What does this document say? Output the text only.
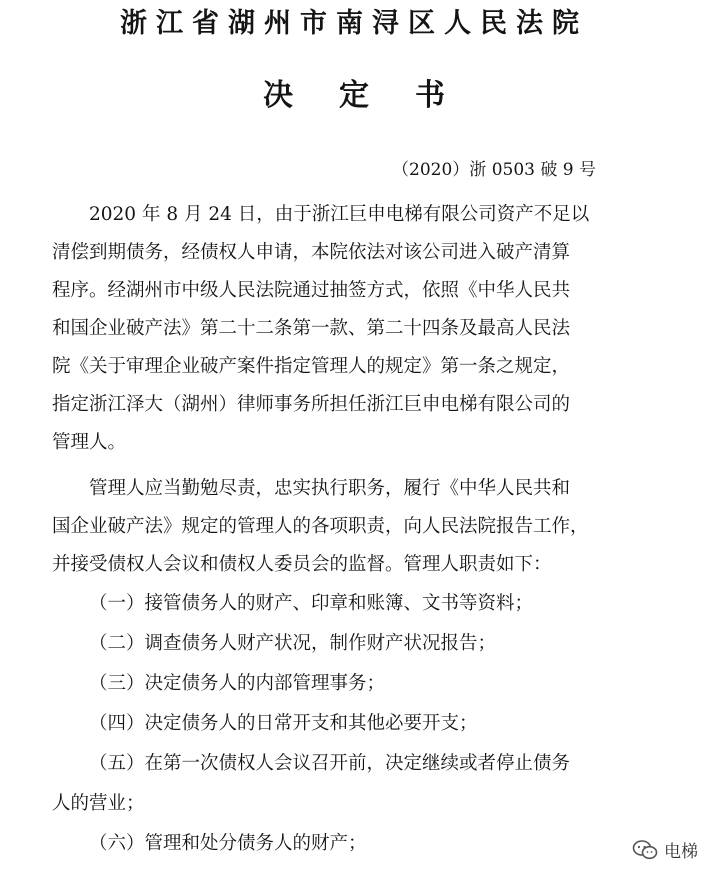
浙江省湖州市南浔区人民法院
决定书
（2020）浙 0503 破 9 号
2020 年 8 月 24 日，由于浙江巨申电梯有限公司资产不足以
清偿到期债务，经债权人申请，本院依法对该公司进入破产清算
程序。经湖州市中级人民法院通过抽签方式，依照《中华人民共
和国企业破产法》第二十二条第一款、第二十四条及最高人民法
院《关于审理企业破产案件指定管理人的规定》第一条之规定，
指定浙江泽大（湖州）律师事务所担任浙江巨申电梯有限公司的
管理人。
管理人应当勤勉尽责，忠实执行职务，履行《中华人民共和
国企业破产法》规定的管理人的各项职责，向人民法院报告工作，
并接受债权人会议和债权人委员会的监督。管理人职责如下：
（一）接管债务人的财产、印章和账簿、文书等资料；
（二）调查债务人财产状况，制作财产状况报告；
（三）决定债务人的内部管理事务；
（四）决定债务人的日常开支和其他必要开支；
（五）在第一次债权人会议召开前，决定继续或者停止债务
人的营业；
（六）管理和处分债务人的财产；	电梯
